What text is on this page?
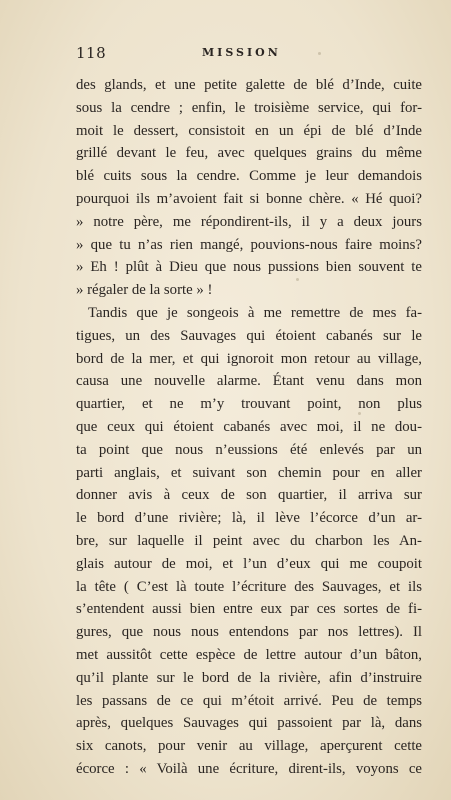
118	MISSION
des glands, et une petite galette de blé d’Inde, cuite
sous la cendre ; enfin, le troisième service, qui for-
moit le dessert, consistoit en un épi de blé d’Inde
grillé devant le feu, avec quelques grains du même
blé cuits sous la cendre. Comme je leur demandois
pourquoi ils m’avoient fait si bonne chère. « Hé quoi?
» notre père, me répondirent-ils, il y a deux jours
» que tu n’as rien mangé, pouvions-nous faire moins?
» Eh ! plût à Dieu que nous pussions bien souvent te
» régaler de la sorte » !
Tandis que je songeois à me remettre de mes fa-
tigues, un des Sauvages qui étoient cabanés sur le
bord de la mer, et qui ignoroit mon retour au village,
causa une nouvelle alarme. Étant venu dans mon
quartier, et ne m’y trouvant point, non plus
que ceux qui étoient cabanés avec moi, il ne dou-
ta point que nous n’eussions été enlevés par un
parti anglais, et suivant son chemin pour en aller
donner avis à ceux de son quartier, il arriva sur
le bord d’une rivière; là, il lève l’écorce d’un ar-
bre, sur laquelle il peint avec du charbon les An-
glais autour de moi, et l’un d’eux qui me coupoit
la tête ( C’est là toute l’écriture des Sauvages, et ils
s’entendent aussi bien entre eux par ces sortes de fi-
gures, que nous nous entendons par nos lettres). Il
met aussitôt cette espèce de lettre autour d’un bâton,
qu’il plante sur le bord de la rivière, afin d’instruire
les passans de ce qui m’étoit arrivé. Peu de temps
après, quelques Sauvages qui passoient par là, dans
six canots, pour venir au village, aperçurent cette
écorce : « Voilà une écriture, dirent-ils, voyons ce
